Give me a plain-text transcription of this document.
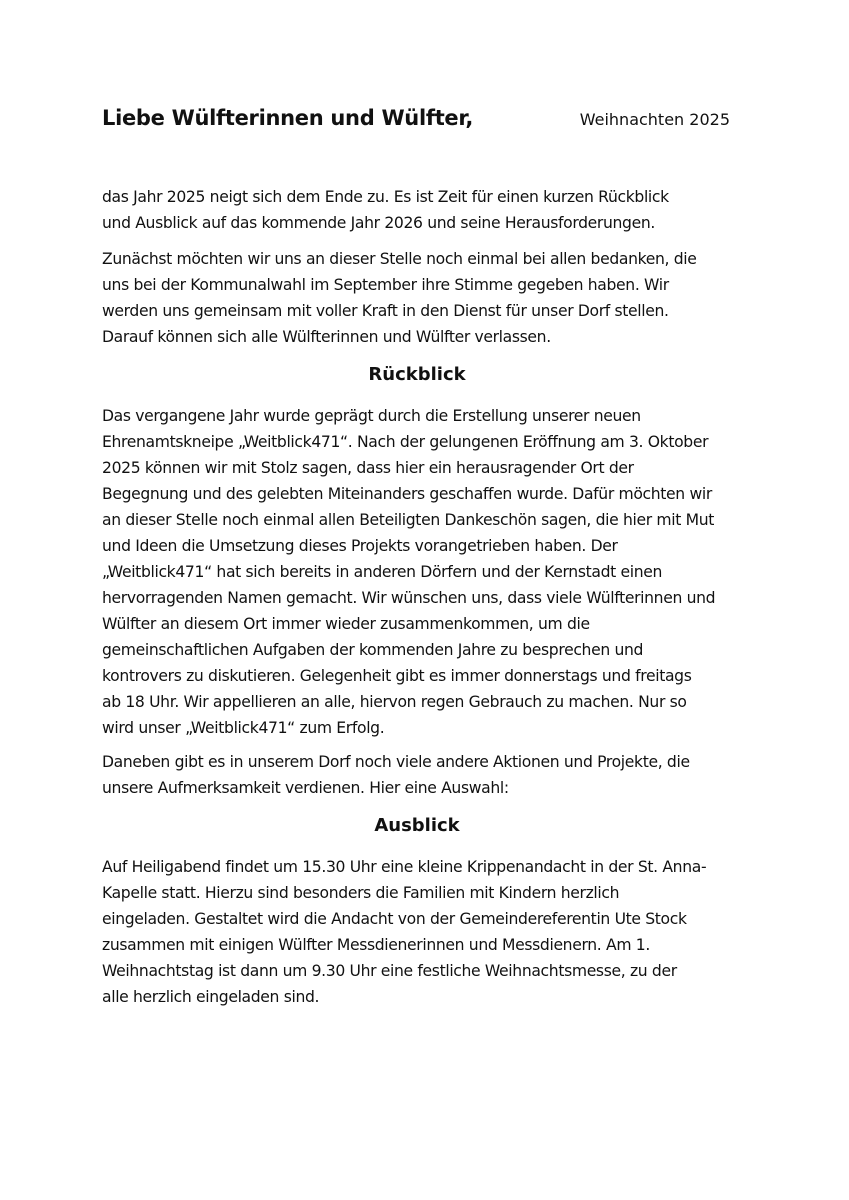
Liebe Wülfterinnen und Wülfter,	Weihnachten 2025
das Jahr 2025 neigt sich dem Ende zu. Es ist Zeit für einen kurzen Rückblick
und Ausblick auf das kommende Jahr 2026 und seine Herausforderungen.
Zunächst möchten wir uns an dieser Stelle noch einmal bei allen bedanken, die
uns bei der Kommunalwahl im September ihre Stimme gegeben haben. Wir
werden uns gemeinsam mit voller Kraft in den Dienst für unser Dorf stellen.
Darauf können sich alle Wülfterinnen und Wülfter verlassen.
Rückblick
Das vergangene Jahr wurde geprägt durch die Erstellung unserer neuen
Ehrenamtskneipe „Weitblick471“. Nach der gelungenen Eröffnung am 3. Oktober
2025 können wir mit Stolz sagen, dass hier ein herausragender Ort der
Begegnung und des gelebten Miteinanders geschaffen wurde. Dafür möchten wir
an dieser Stelle noch einmal allen Beteiligten Dankeschön sagen, die hier mit Mut
und Ideen die Umsetzung dieses Projekts vorangetrieben haben. Der
„Weitblick471“ hat sich bereits in anderen Dörfern und der Kernstadt einen
hervorragenden Namen gemacht. Wir wünschen uns, dass viele Wülfterinnen und
Wülfter an diesem Ort immer wieder zusammenkommen, um die
gemeinschaftlichen Aufgaben der kommenden Jahre zu besprechen und
kontrovers zu diskutieren. Gelegenheit gibt es immer donnerstags und freitags
ab 18 Uhr. Wir appellieren an alle, hiervon regen Gebrauch zu machen. Nur so
wird unser „Weitblick471“ zum Erfolg.
Daneben gibt es in unserem Dorf noch viele andere Aktionen und Projekte, die
unsere Aufmerksamkeit verdienen. Hier eine Auswahl:
Ausblick
Auf Heiligabend findet um 15.30 Uhr eine kleine Krippenandacht in der St. Anna-
Kapelle statt. Hierzu sind besonders die Familien mit Kindern herzlich
eingeladen. Gestaltet wird die Andacht von der Gemeindereferentin Ute Stock
zusammen mit einigen Wülfter Messdienerinnen und Messdienern. Am 1.
Weihnachtstag ist dann um 9.30 Uhr eine festliche Weihnachtsmesse, zu der
alle herzlich eingeladen sind.
